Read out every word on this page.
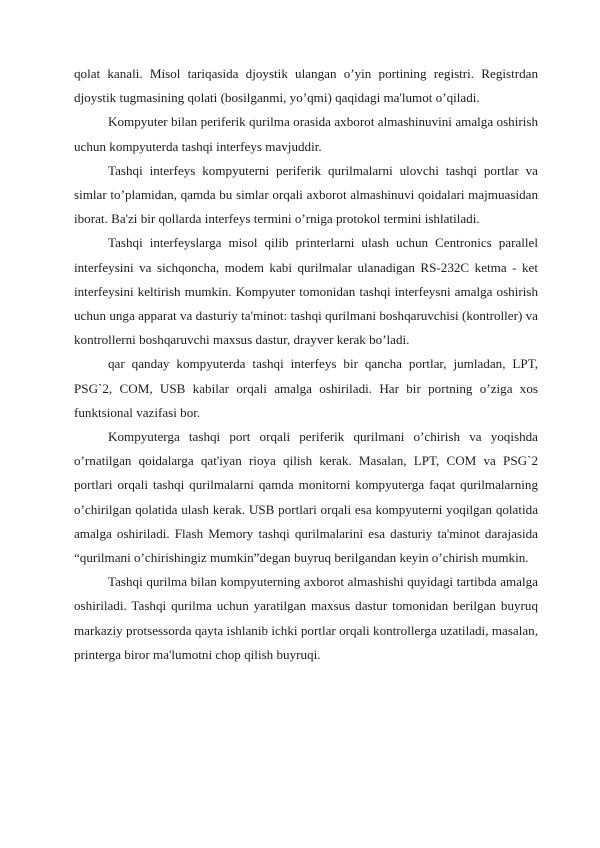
qolat kanali. Misol tariqasida djoystik ulangan o’yin portining registri. Registrdan djoystik tugmasining qolati (bosilganmi, yo’qmi) qaqidagi ma'lumot o’qiladi.

Kompyuter bilan periferik qurilma orasida axborot almashinuvini amalga oshirish uchun kompyuterda tashqi interfeys mavjuddir.

Tashqi interfeys kompyuterni periferik qurilmalarni ulovchi tashqi portlar va simlar to’plamidan, qamda bu simlar orqali axborot almashinuvi qoidalari majmuasidan iborat. Ba'zi bir qollarda interfeys termini o’rniga protokol termini ishlatiladi.

Tashqi interfeyslarga misol qilib printerlarni ulash uchun Centronics parallel interfeysini va sichqoncha, modem kabi qurilmalar ulanadigan RS-232C ketma - ket interfeysini keltirish mumkin. Kompyuter tomonidan tashqi interfeysni amalga oshirish uchun unga apparat va dasturiy ta'minot: tashqi qurilmani boshqaruvchisi (kontroller) va kontrollerni boshqaruvchi maxsus dastur, drayver kerak bo’ladi.

qar qanday kompyuterda tashqi interfeys bir qancha portlar, jumladan, LPT, PSG`2, COM, USB kabilar orqali amalga oshiriladi. Har bir portning o’ziga xos funktsional vazifasi bor.

Kompyuterga tashqi port orqali periferik qurilmani o’chirish va yoqishda o’rnatilgan qoidalarga qat'iyan rioya qilish kerak. Masalan, LPT, COM va PSG`2 portlari orqali tashqi qurilmalarni qamda monitorni kompyuterga faqat qurilmalarning o’chirilgan qolatida ulash kerak. USB portlari orqali esa kompyuterni yoqilgan qolatida amalga oshiriladi. Flash Memory tashqi qurilmalarini esa dasturiy ta'minot darajasida “qurilmani o’chirishingiz mumkin”degan buyruq berilgandan keyin o’chirish mumkin.

Tashqi qurilma bilan kompyuterning axborot almashishi quyidagi tartibda amalga oshiriladi. Tashqi qurilma uchun yaratilgan maxsus dastur tomonidan berilgan buyruq markaziy protsessorda qayta ishlanib ichki portlar orqali kontrollerga uzatiladi, masalan, printerga biror ma'lumotni chop qilish buyruqi.
